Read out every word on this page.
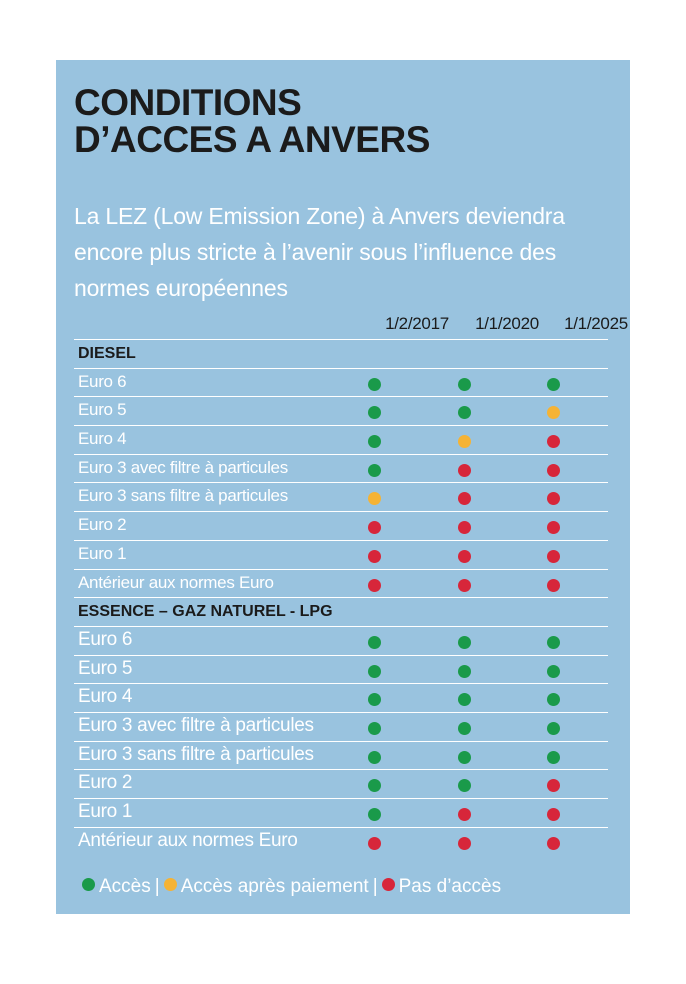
CONDITIONS
D’ACCES A ANVERS

La LEZ (Low Emission Zone) à Anvers deviendra encore plus stricte à l’avenir sous l’influence des normes européennes

1/2/2017	1/1/2020	1/1/2025
DIESEL
Euro 6
Euro 5
Euro 4
Euro 3 avec filtre à particules
Euro 3 sans filtre à particules
Euro 2
Euro 1
Antérieur aux normes Euro
ESSENCE – GAZ NATUREL - LPG
Euro 6
Euro 5
Euro 4
Euro 3 avec filtre à particules
Euro 3 sans filtre à particules
Euro 2
Euro 1
Antérieur aux normes Euro
Accès | Accès après paiement | Pas d’accès
